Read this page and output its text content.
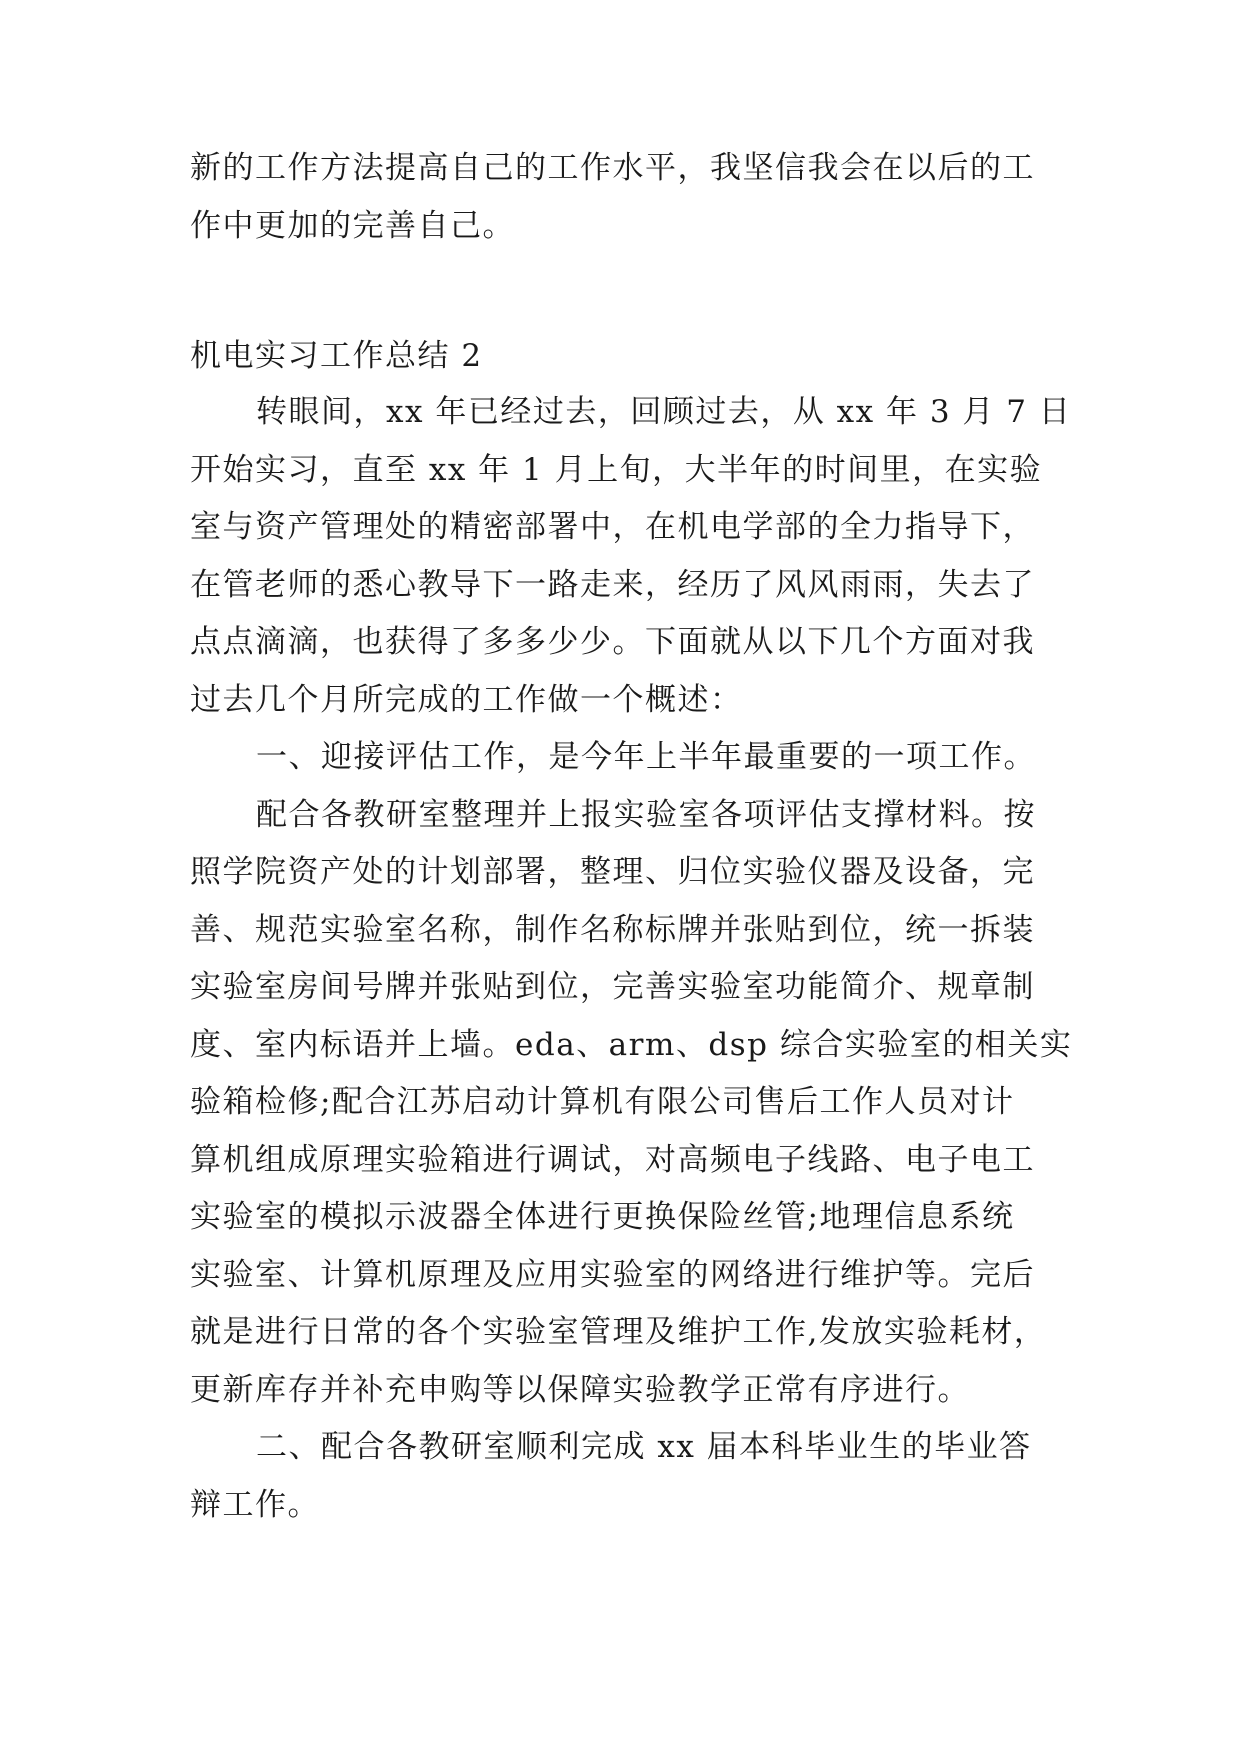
新的工作方法提高自己的工作水平，我坚信我会在以后的工
作中更加的完善自己。
机电实习工作总结 2
转眼间，xx 年已经过去，回顾过去，从 xx 年 3 月 7 日
开始实习，直至 xx 年 1 月上旬，大半年的时间里，在实验
室与资产管理处的精密部署中，在机电学部的全力指导下，
在管老师的悉心教导下一路走来，经历了风风雨雨，失去了
点点滴滴，也获得了多多少少。下面就从以下几个方面对我
过去几个月所完成的工作做一个概述：
一、迎接评估工作，是今年上半年最重要的一项工作。
配合各教研室整理并上报实验室各项评估支撑材料。按
照学院资产处的计划部署，整理、归位实验仪器及设备，完
善、规范实验室名称，制作名称标牌并张贴到位，统一拆装
实验室房间号牌并张贴到位，完善实验室功能简介、规章制
度、室内标语并上墙。eda、arm、dsp 综合实验室的相关实
验箱检修;配合江苏启动计算机有限公司售后工作人员对计
算机组成原理实验箱进行调试，对高频电子线路、电子电工
实验室的模拟示波器全体进行更换保险丝管;地理信息系统
实验室、计算机原理及应用实验室的网络进行维护等。完后
就是进行日常的各个实验室管理及维护工作,发放实验耗材，
更新库存并补充申购等以保障实验教学正常有序进行。
二、配合各教研室顺利完成 xx 届本科毕业生的毕业答
辩工作。
